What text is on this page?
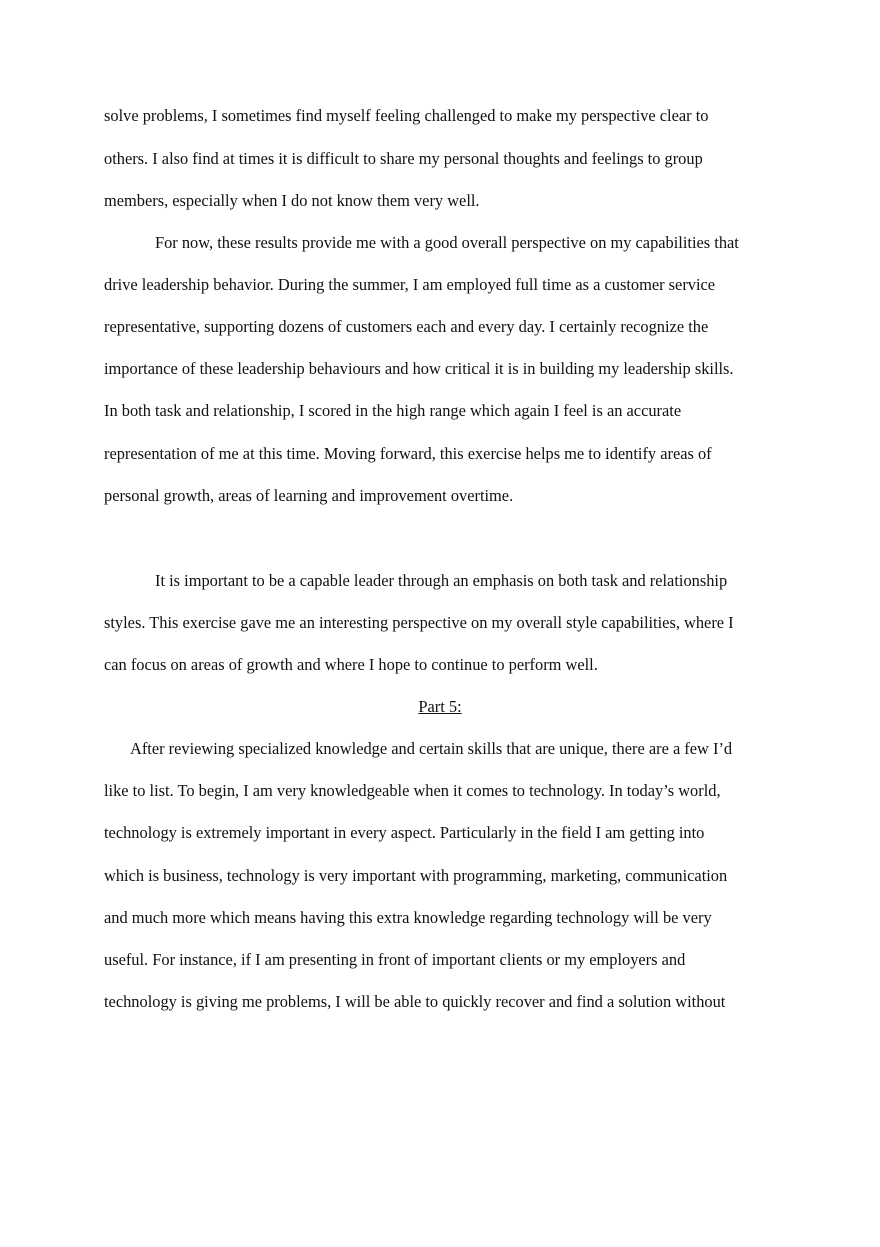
solve problems, I sometimes find myself feeling challenged to make my perspective clear to

others. I also find at times it is difficult to share my personal thoughts and feelings to group

members, especially when I do not know them very well.

For now, these results provide me with a good overall perspective on my capabilities that

drive leadership behavior. During the summer, I am employed full time as a customer service

representative, supporting dozens of customers each and every day. I certainly recognize the

importance of these leadership behaviours and how critical it is in building my leadership skills.

In both task and relationship, I scored in the high range which again I feel is an accurate

representation of me at this time. Moving forward, this exercise helps me to identify areas of

personal growth, areas of learning and improvement overtime.

It is important to be a capable leader through an emphasis on both task and relationship

styles. This exercise gave me an interesting perspective on my overall style capabilities, where I

can focus on areas of growth and where I hope to continue to perform well.

Part 5:

After reviewing specialized knowledge and certain skills that are unique, there are a few I’d

like to list. To begin, I am very knowledgeable when it comes to technology. In today’s world,

technology is extremely important in every aspect. Particularly in the field I am getting into

which is business, technology is very important with programming, marketing, communication

and much more which means having this extra knowledge regarding technology will be very

useful. For instance, if I am presenting in front of important clients or my employers and

technology is giving me problems, I will be able to quickly recover and find a solution without
